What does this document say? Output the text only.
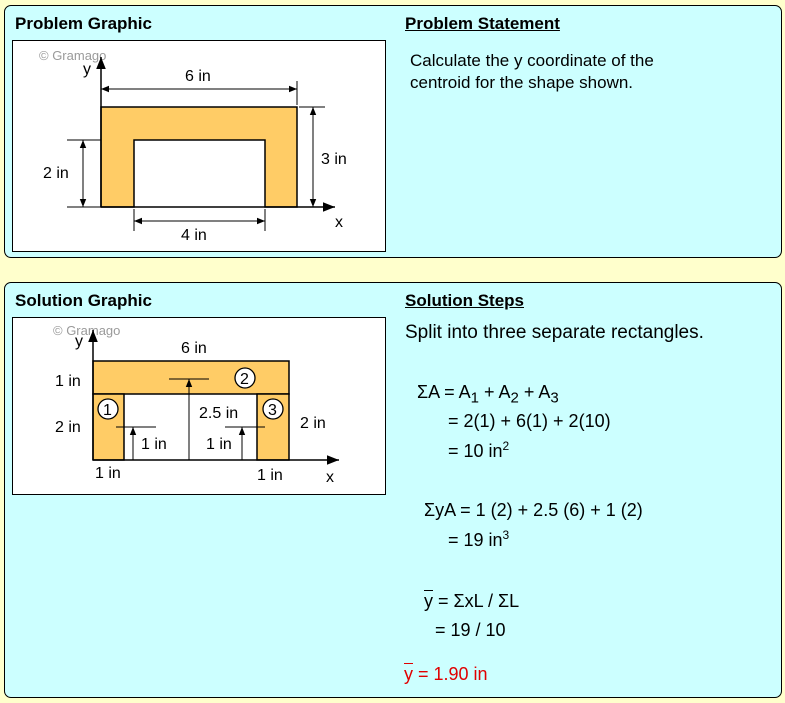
Problem Graphic	Problem Statement
Calculate the y coordinate of the
centroid for the shape shown.
© Gramago
y
x
6 in
2 in
3 in
4 in
Solution Graphic	Solution Steps
Split into three separate rectangles.
© Gramago
y
x
1
2
3
6 in
1 in
2 in	2 in
2.5 in
1 in 1 in
1 in	1 in
$\Sigma A = A_1 + A_2 + A_3$
= 2(1) + 6(1) + 2(10)
= 10 $in^2$
ΣyA = 1 (2) + 2.5 (6) + 1 (2)
= 19 $in^3$
$\overline{y} = \Sigma xL / \Sigma L$
= 19 / 10
$\overline{y} = 1.90$ in
